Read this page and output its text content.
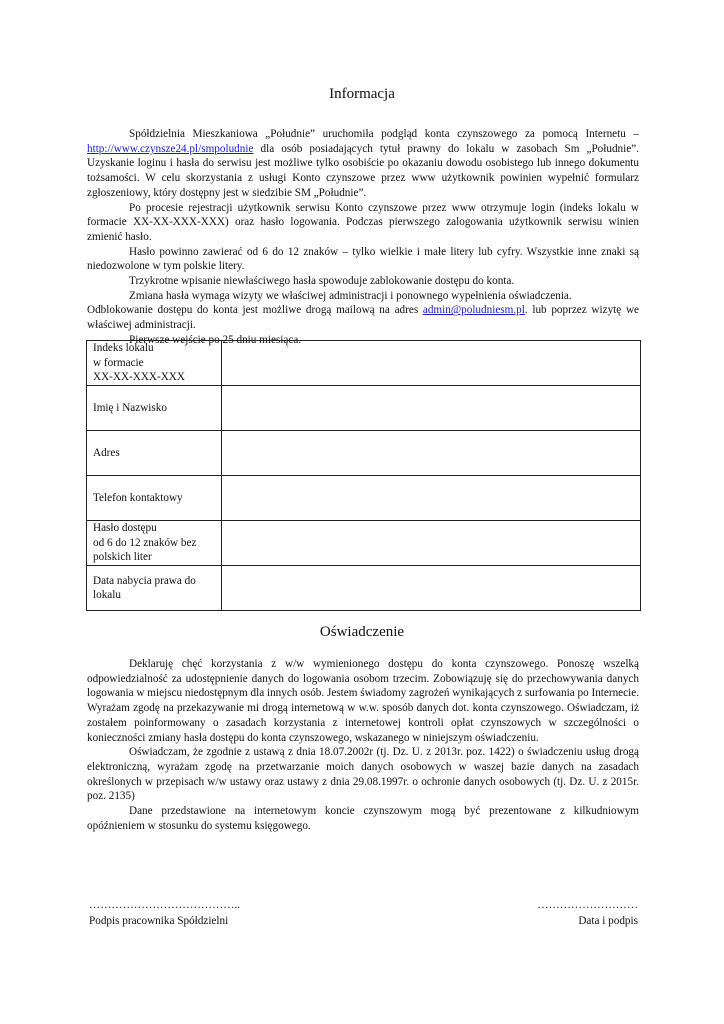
Informacja

Spółdzielnia Mieszkaniowa „Południe” uruchomiła podgląd konta czynszowego za pomocą Internetu – http://www.czynsze24.pl/smpoludnie dla osób posiadających tytuł prawny do lokalu w zasobach Sm „Południe”. Uzyskanie loginu i hasła do serwisu jest możliwe tylko osobiście po okazaniu dowodu osobistego lub innego dokumentu tożsamości. W celu skorzystania z usługi Konto czynszowe przez www użytkownik powinien wypełnić formularz zgłoszeniowy, który dostępny jest w siedzibie SM „Południe”.

Po procesie rejestracji użytkownik serwisu Konto czynszowe przez www otrzymuje login (indeks lokalu w formacie XX-XX-XXX-XXX) oraz hasło logowania. Podczas pierwszego zalogowania użytkownik serwisu winien zmienić hasło.

Hasło powinno zawierać od 6 do 12 znaków – tylko wielkie i małe litery lub cyfry. Wszystkie inne znaki są niedozwolone w tym polskie litery.

Trzykrotne wpisanie niewłaściwego hasła spowoduje zablokowanie dostępu do konta.

Zmiana hasła wymaga wizyty we właściwej administracji i ponownego wypełnienia oświadczenia.

Odblokowanie dostępu do konta jest możliwe drogą mailową na adres admin@poludniesm.pl. lub poprzez wizytę we właściwej administracji.

Pierwsze wejście po 25 dniu miesiąca.

Indeks lokalu
w formacie
XX-XX-XXX-XXX	

Imię i Nazwisko	

Adres	

Telefon kontaktowy	

Hasło dostępu
od 6 do 12 znaków bez
polskich liter	

Data nabycia prawa do
lokalu	

Oświadczenie

Deklaruję chęć korzystania z w/w wymienionego dostępu do konta czynszowego. Ponoszę wszelką odpowiedzialność za udostępnienie danych do logowania osobom trzecim. Zobowiązuję się do przechowywania danych logowania w miejscu niedostępnym dla innych osób. Jestem świadomy zagrożeń wynikających z surfowania po Internecie. Wyrażam zgodę na przekazywanie mi drogą internetową w w.w. sposób danych dot. konta czynszowego. Oświadczam, iż zostałem poinformowany o zasadach korzystania z internetowej kontroli opłat czynszowych w szczególności o konieczności zmiany hasła dostępu do konta czynszowego, wskazanego w niniejszym oświadczeniu.

Oświadczam, że zgodnie z ustawą z dnia 18.07.2002r (tj. Dz. U. z 2013r. poz. 1422) o świadczeniu usług drogą elektroniczną, wyrażam zgodę na przetwarzanie moich danych osobowych w waszej bazie danych na zasadach określonych w przepisach w/w ustawy oraz ustawy z dnia 29.08.1997r. o ochronie danych osobowych (tj. Dz. U. z 2015r. poz. 2135)

Dane przedstawione na internetowym koncie czynszowym mogą być prezentowane z kilkudniowym opóźnieniem w stosunku do systemu księgowego.

…………………………………..
Podpis pracownika Spółdzielni
………………………
Data i podpis
